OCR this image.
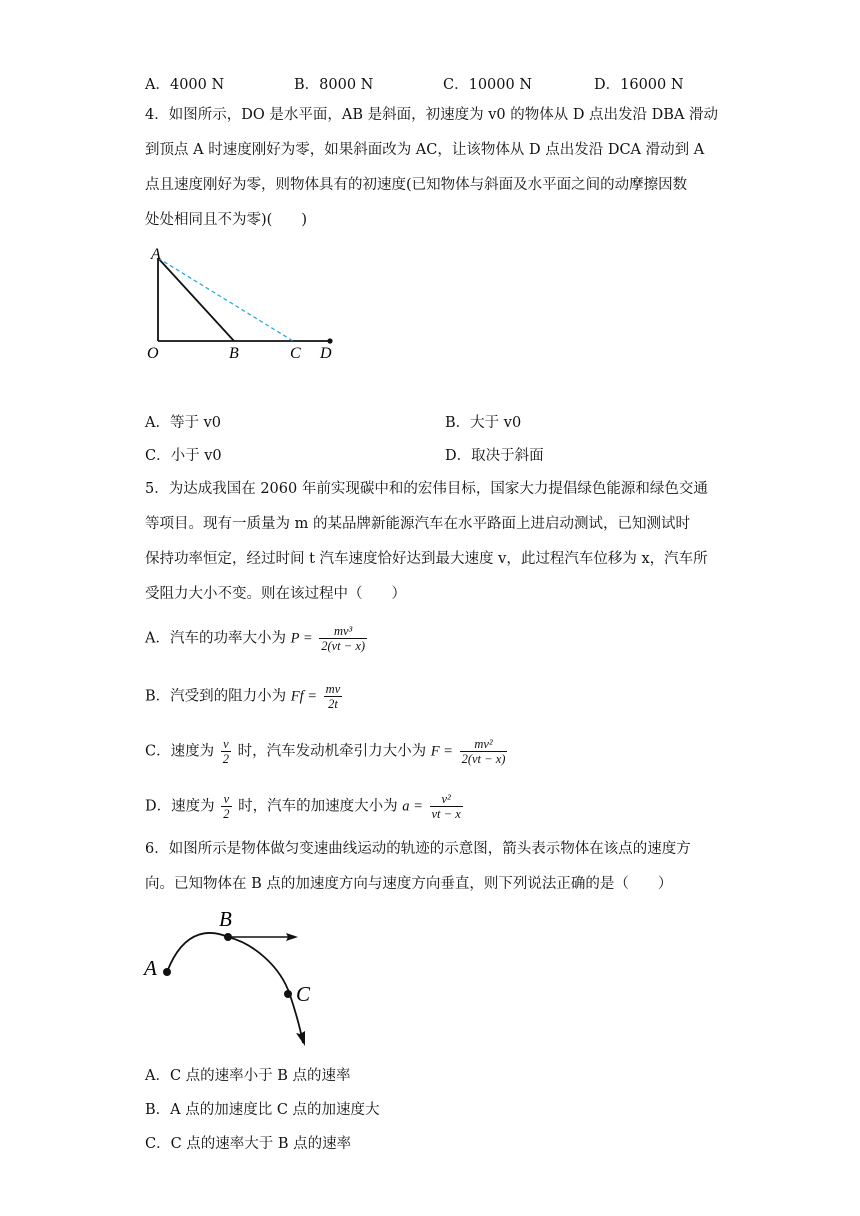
A．4000 N	B．8000 N	C．10000 N	D．16000 N
4．如图所示，DO 是水平面，AB 是斜面，初速度为 v0 的物体从 D 点出发沿 DBA 滑动
到顶点 A 时速度刚好为零，如果斜面改为 AC，让该物体从 D 点出发沿 DCA 滑动到 A
点且速度刚好为零，则物体具有的初速度(已知物体与斜面及水平面之间的动摩擦因数
处处相同且不为零)(　　)
A
O	B	C D
A．等于 v0	B．大于 v0
C．小于 v0	D．取决于斜面
5．为达成我国在 2060 年前实现碳中和的宏伟目标，国家大力提倡绿色能源和绿色交通
等项目。现有一质量为 m 的某品牌新能源汽车在水平路面上进启动测试，已知测试时
保持功率恒定，经过时间 t 汽车速度恰好达到最大速度 v，此过程汽车位移为 x，汽车所
受阻力大小不变。则在该过程中（　　）
A．汽车的功率大小为 $P = \frac{\text{mv³}}{2(vt - x)}$
B．汽受到的阻力小为 $Ff = \frac{mv}{2t}$
C．速度为 $\frac{v}{2}$ 时，汽车发动机牵引力大小为 $F = \frac{\text{mv²}}{2(vt - x)}$
D．速度为 $\frac{v}{2}$ 时，汽车的加速度大小为 $a = \frac{\text{v²}}{vt - x}$
6．如图所示是物体做匀变速曲线运动的轨迹的示意图，箭头表示物体在该点的速度方
向。已知物体在 B 点的加速度方向与速度方向垂直，则下列说法正确的是（　　）
A
B
C
A．C 点的速率小于 B 点的速率
B．A 点的加速度比 C 点的加速度大
C．C 点的速率大于 B 点的速率
